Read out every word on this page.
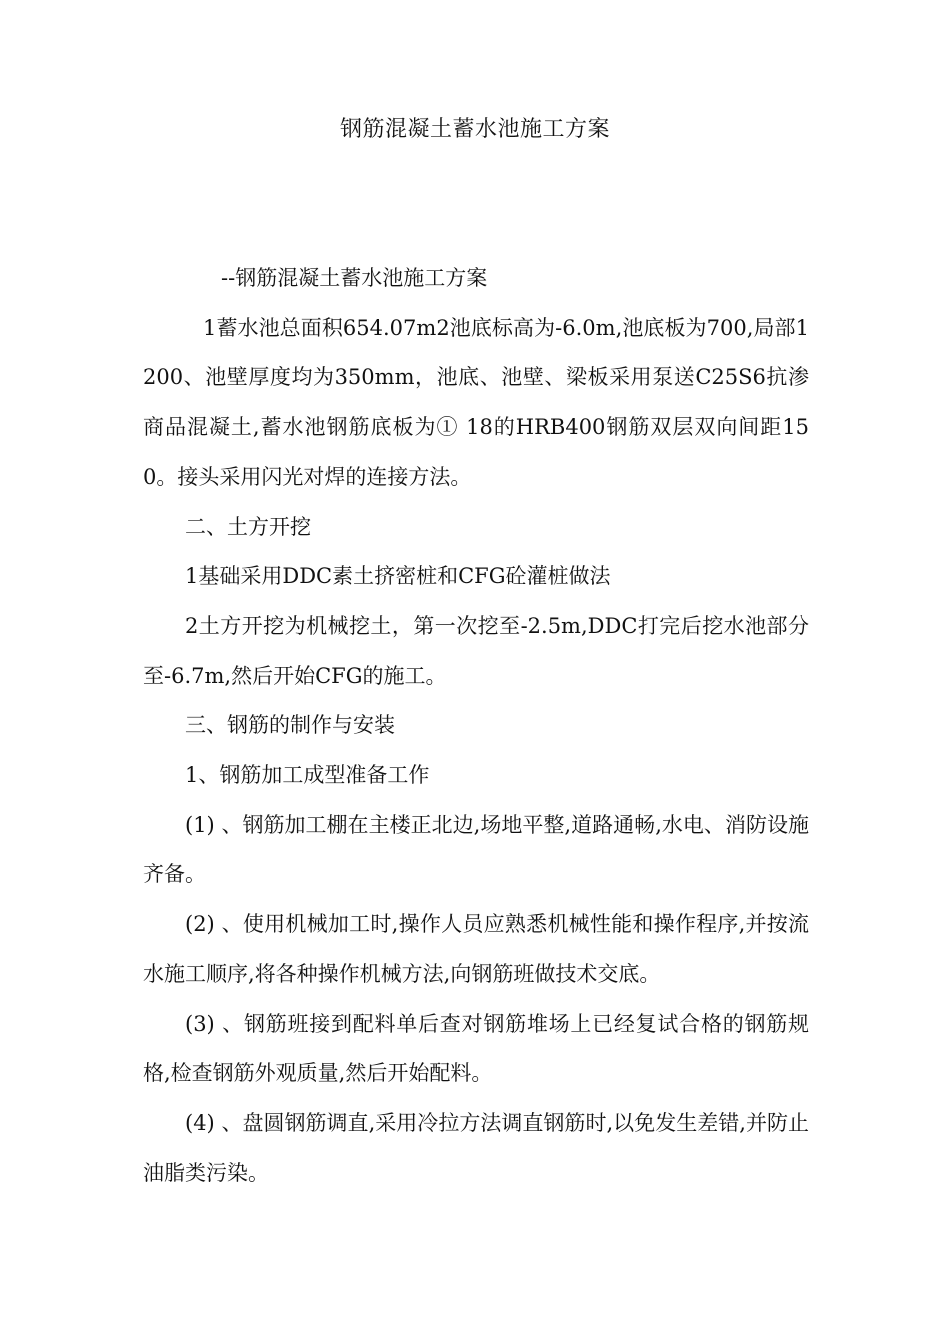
钢筋混凝土蓄水池施工方案

--钢筋混凝土蓄水池施工方案

1蓄水池总面积654.07m2池底标高为-6.0m,池底板为700,局部1200、池壁厚度均为350mm，池底、池壁、梁板采用泵送C25S6抗渗商品混凝土,蓄水池钢筋底板为① 18的HRB400钢筋双层双向间距150。接头采用闪光对焊的连接方法。

二、土方开挖

1基础采用DDC素土挤密桩和CFG砼灌桩做法

2土方开挖为机械挖土，第一次挖至-2.5m,DDC打完后挖水池部分至-6.7m,然后开始CFG的施工。

三、钢筋的制作与安装

1、钢筋加工成型准备工作

(1) 、钢筋加工棚在主楼正北边,场地平整,道路通畅,水电、消防设施齐备。

(2) 、使用机械加工时,操作人员应熟悉机械性能和操作程序,并按流水施工顺序,将各种操作机械方法,向钢筋班做技术交底。

(3) 、钢筋班接到配料单后查对钢筋堆场上已经复试合格的钢筋规格,检查钢筋外观质量,然后开始配料。

(4) 、盘圆钢筋调直,采用冷拉方法调直钢筋时,以免发生差错,并防止油脂类污染。
